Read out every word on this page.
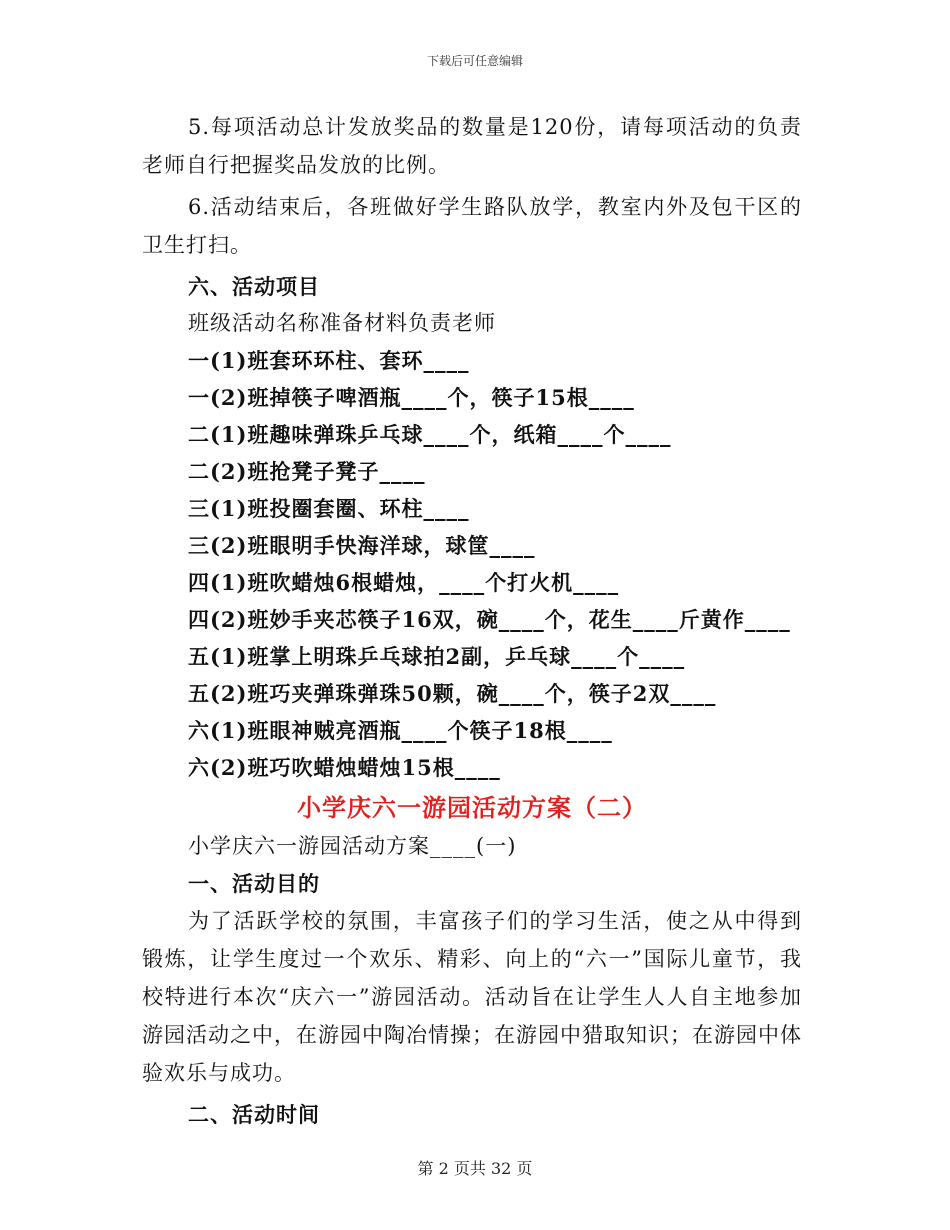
下载后可任意编辑

5.每项活动总计发放奖品的数量是120份，请每项活动的负责老师自行把握奖品发放的比例。

6.活动结束后，各班做好学生路队放学，教室内外及包干区的卫生打扫。

六、活动项目

班级活动名称准备材料负责老师

一(1)班套环环柱、套环____

一(2)班掉筷子啤酒瓶____个，筷子15根____

二(1)班趣味弹珠乒乓球____个，纸箱____个____

二(2)班抢凳子凳子____

三(1)班投圈套圈、环柱____

三(2)班眼明手快海洋球，球筐____

四(1)班吹蜡烛6根蜡烛，____个打火机____

四(2)班妙手夹芯筷子16双，碗____个，花生____斤黄作____

五(1)班掌上明珠乒乓球拍2副，乒乓球____个____

五(2)班巧夹弹珠弹珠50颗，碗____个，筷子2双____

六(1)班眼神贼亮酒瓶____个筷子18根____

六(2)班巧吹蜡烛蜡烛15根____

小学庆六一游园活动方案（二）

小学庆六一游园活动方案____(一)

一、活动目的

为了活跃学校的氛围，丰富孩子们的学习生活，使之从中得到锻炼，让学生度过一个欢乐、精彩、向上的“六一”国际儿童节，我校特进行本次“庆六一”游园活动。活动旨在让学生人人自主地参加游园活动之中，在游园中陶冶情操；在游园中猎取知识；在游园中体验欢乐与成功。

二、活动时间

第 2 页共 32 页
